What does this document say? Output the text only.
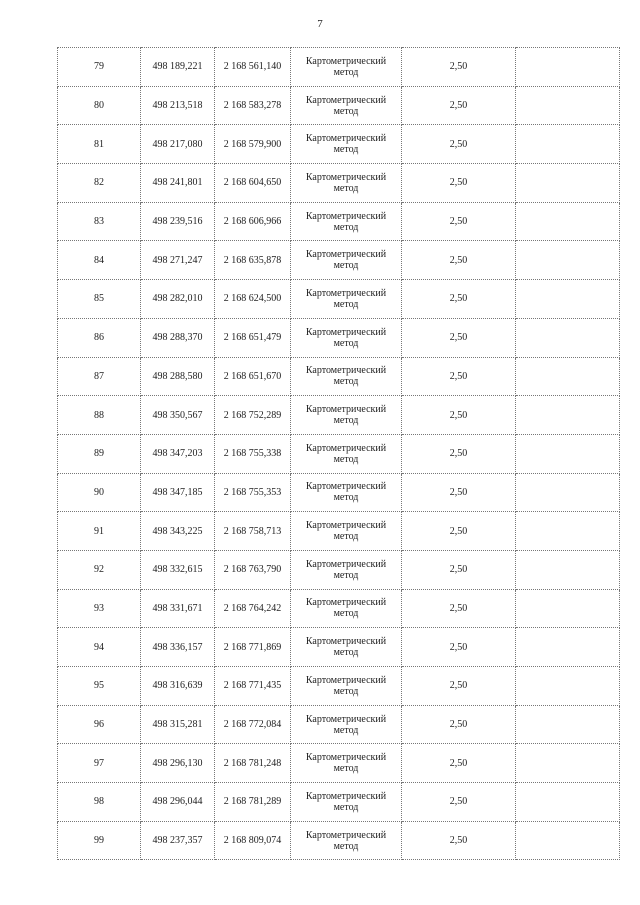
7
79	498 189,221	2 168 561,140	Картометрический
метод	2,50	
80	498 213,518	2 168 583,278	Картометрический
метод	2,50	
81	498 217,080	2 168 579,900	Картометрический
метод	2,50	
82	498 241,801	2 168 604,650	Картометрический
метод	2,50	
83	498 239,516	2 168 606,966	Картометрический
метод	2,50	
84	498 271,247	2 168 635,878	Картометрический
метод	2,50	
85	498 282,010	2 168 624,500	Картометрический
метод	2,50	
86	498 288,370	2 168 651,479	Картометрический
метод	2,50	
87	498 288,580	2 168 651,670	Картометрический
метод	2,50	
88	498 350,567	2 168 752,289	Картометрический
метод	2,50	
89	498 347,203	2 168 755,338	Картометрический
метод	2,50	
90	498 347,185	2 168 755,353	Картометрический
метод	2,50	
91	498 343,225	2 168 758,713	Картометрический
метод	2,50	
92	498 332,615	2 168 763,790	Картометрический
метод	2,50	
93	498 331,671	2 168 764,242	Картометрический
метод	2,50	
94	498 336,157	2 168 771,869	Картометрический
метод	2,50	
95	498 316,639	2 168 771,435	Картометрический
метод	2,50	
96	498 315,281	2 168 772,084	Картометрический
метод	2,50	
97	498 296,130	2 168 781,248	Картометрический
метод	2,50	
98	498 296,044	2 168 781,289	Картометрический
метод	2,50	
99	498 237,357	2 168 809,074	Картометрический
метод	2,50	
